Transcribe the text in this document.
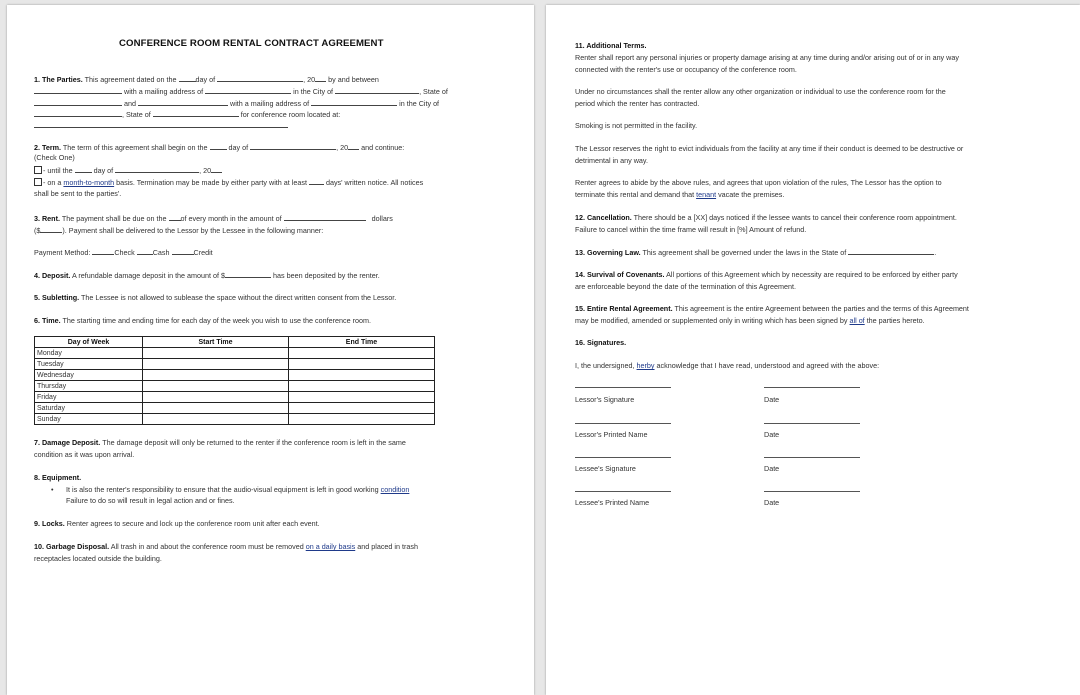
CONFERENCE ROOM RENTAL CONTRACT AGREEMENT
1. The Parties. This agreement dated on the	day of	, 20 by and between
with a mailing address of	in the City of	, State of
and	with a mailing address of	in the City of
, State of	for conference room located at:
2. Term. The term of this agreement shall begin on the	day of	, 20 and continue:
(Check One)
- until the	day of	, 20
- on a month-to-month basis. Termination may be made by either party with at least	days' written notice. All notices
shall be sent to the parties'.
3. Rent. The payment shall be due on the of every month in the amount of	dollars
($	). Payment shall be delivered to the Lessor by the Lessee in the following manner:
Payment Method:	Check	Cash	Credit
4. Deposit. A refundable damage deposit in the amount of $	has been deposited by the renter.
5. Subletting. The Lessee is not allowed to sublease the space without the direct written consent from the Lessor.
6. Time. The starting time and ending time for each day of the week you wish to use the conference room.
Day of Week	Start Time	End Time
Monday		
Tuesday		
Wednesday		
Thursday		
Friday		
Saturday		
Sunday		
7. Damage Deposit. The damage deposit will only be returned to the renter if the conference room is left in the same
condition as it was upon arrival.
8. Equipment.
• It is also the renter's responsibility to ensure that the audio-visual equipment is left in good working condition
Failure to do so will result in legal action and or fines.
9. Locks. Renter agrees to secure and lock up the conference room unit after each event.
10. Garbage Disposal. All trash in and about the conference room must be removed on a daily basis and placed in trash
receptacles located outside the building.
11. Additional Terms.
Renter shall report any personal injuries or property damage arising at any time during and/or arising out of or in any way
connected with the renter's use or occupancy of the conference room.
Under no circumstances shall the renter allow any other organization or individual to use the conference room for the
period which the renter has contracted.
Smoking is not permitted in the facility.
The Lessor reserves the right to evict individuals from the facility at any time if their conduct is deemed to be destructive or
detrimental in any way.
Renter agrees to abide by the above rules, and agrees that upon violation of the rules, The Lessor has the option to
terminate this rental and demand that tenant vacate the premises.
12. Cancellation. There should be a [XX] days noticed if the lessee wants to cancel their conference room appointment.
Failure to cancel within the time frame will result in [%] Amount of refund.
13. Governing Law. This agreement shall be governed under the laws in the State of	.
14. Survival of Covenants. All portions of this Agreement which by necessity are required to be enforced by either party
are enforceable beyond the date of the termination of this Agreement.
15. Entire Rental Agreement. This agreement is the entire Agreement between the parties and the terms of this Agreement
may be modified, amended or supplemented only in writing which has been signed by all of the parties hereto.
16. Signatures.
I, the undersigned, herby acknowledge that I have read, understood and agreed with the above:
Lessor's Signature	Date
Lessor's Printed Name	Date
Lessee's Signature	Date
Lessee's Printed Name	Date
